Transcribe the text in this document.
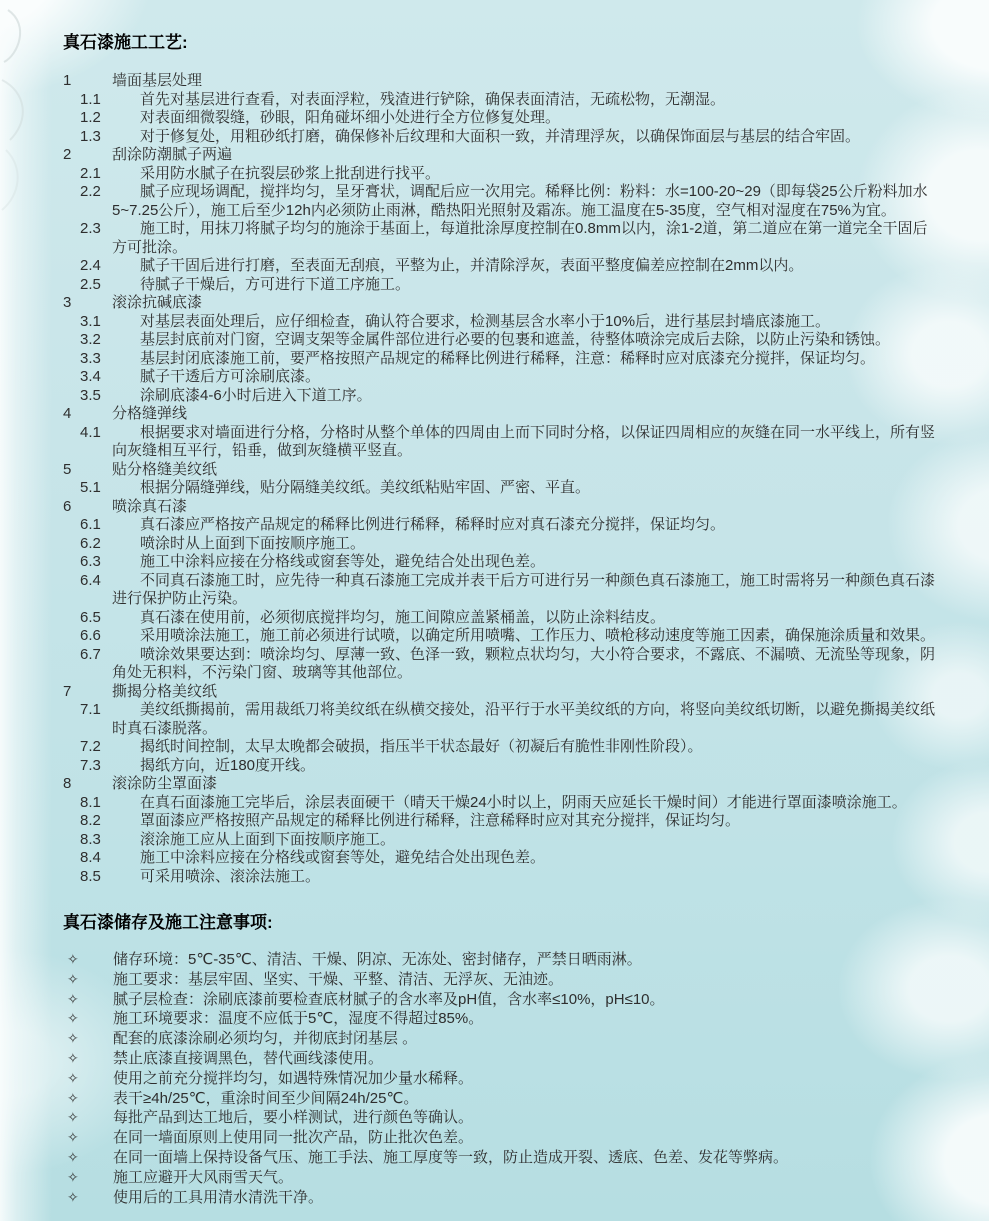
真石漆施工工艺:
1	墙面基层处理
1.1	首先对基层进行查看，对表面浮粒，残渣进行铲除，确保表面清洁，无疏松物，无潮湿。
1.2	对表面细微裂缝，砂眼，阳角碰坏细小处进行全方位修复处理。
1.3	对于修复处，用粗砂纸打磨，确保修补后纹理和大面积一致，并清理浮灰，以确保饰面层与基层的结合牢固。
2	刮涂防潮腻子两遍
2.1	采用防水腻子在抗裂层砂浆上批刮进行找平。
2.2	腻子应现场调配，搅拌均匀，呈牙膏状，调配后应一次用完。稀释比例：粉料：水=100-20~29（即每袋25公斤粉料加水5~7.25公斤），施工后至少12h内必须防止雨淋，酷热阳光照射及霜冻。施工温度在5-35度，空气相对湿度在75%为宜。
2.3	施工时，用抹刀将腻子均匀的施涂于基面上，每道批涂厚度控制在0.8mm以内，涂1-2道，第二道应在第一道完全干固后方可批涂。
2.4	腻子干固后进行打磨，至表面无刮痕，平整为止，并清除浮灰，表面平整度偏差应控制在2mm以内。
2.5	待腻子干燥后，方可进行下道工序施工。
3	滚涂抗碱底漆
3.1	对基层表面处理后，应仔细检查，确认符合要求，检测基层含水率小于10%后，进行基层封墙底漆施工。
3.2	基层封底前对门窗，空调支架等金属件部位进行必要的包裹和遮盖，待整体喷涂完成后去除，以防止污染和锈蚀。
3.3	基层封闭底漆施工前，要严格按照产品规定的稀释比例进行稀释，注意：稀释时应对底漆充分搅拌，保证均匀。
3.4	腻子干透后方可涂刷底漆。
3.5	涂刷底漆4-6小时后进入下道工序。
4	分格缝弹线
4.1	根据要求对墙面进行分格，分格时从整个单体的四周由上而下同时分格，以保证四周相应的灰缝在同一水平线上，所有竖向灰缝相互平行，铅垂，做到灰缝横平竖直。
5	贴分格缝美纹纸
5.1	根据分隔缝弹线，贴分隔缝美纹纸。美纹纸粘贴牢固、严密、平直。
6	喷涂真石漆
6.1	真石漆应严格按产品规定的稀释比例进行稀释，稀释时应对真石漆充分搅拌，保证均匀。
6.2	喷涂时从上面到下面按顺序施工。
6.3	施工中涂料应接在分格线或窗套等处，避免结合处出现色差。
6.4	不同真石漆施工时，应先待一种真石漆施工完成并表干后方可进行另一种颜色真石漆施工，施工时需将另一种颜色真石漆进行保护防止污染。
6.5	真石漆在使用前，必须彻底搅拌均匀，施工间隙应盖紧桶盖，以防止涂料结皮。
6.6	采用喷涂法施工，施工前必须进行试喷，以确定所用喷嘴、工作压力、喷枪移动速度等施工因素，确保施涂质量和效果。
6.7	喷涂效果要达到：喷涂均匀、厚薄一致、色泽一致，颗粒点状均匀，大小符合要求，不露底、不漏喷、无流坠等现象，阴角处无积料，不污染门窗、玻璃等其他部位。
7	撕揭分格美纹纸
7.1	美纹纸撕揭前，需用裁纸刀将美纹纸在纵横交接处，沿平行于水平美纹纸的方向，将竖向美纹纸切断，以避免撕揭美纹纸时真石漆脱落。
7.2	揭纸时间控制，太早太晚都会破损，指压半干状态最好（初凝后有脆性非刚性阶段）。
7.3	揭纸方向，近180度开线。
8	滚涂防尘罩面漆
8.1	在真石面漆施工完毕后，涂层表面硬干（晴天干燥24小时以上，阴雨天应延长干燥时间）才能进行罩面漆喷涂施工。
8.2	罩面漆应严格按照产品规定的稀释比例进行稀释，注意稀释时应对其充分搅拌，保证均匀。
8.3	滚涂施工应从上面到下面按顺序施工。
8.4	施工中涂料应接在分格线或窗套等处，避免结合处出现色差。
8.5	可采用喷涂、滚涂法施工。
真石漆储存及施工注意事项:
✧ 储存环境：5℃-35℃、清洁、干燥、阴凉、无冻处、密封储存，严禁日晒雨淋。
✧ 施工要求：基层牢固、坚实、干燥、平整、清洁、无浮灰、无油迹。
✧ 腻子层检查：涂刷底漆前要检查底材腻子的含水率及pH值，含水率≤10%，pH≤10。
✧ 施工环境要求：温度不应低于5℃，湿度不得超过85%。
✧ 配套的底漆涂刷必须均匀，并彻底封闭基层 。
✧ 禁止底漆直接调黑色，替代画线漆使用。
✧ 使用之前充分搅拌均匀，如遇特殊情况加少量水稀释。
✧ 表干≥4h/25℃，重涂时间至少间隔24h/25℃。
✧ 每批产品到达工地后，要小样测试，进行颜色等确认。
✧ 在同一墙面原则上使用同一批次产品，防止批次色差。
✧ 在同一面墙上保持设备气压、施工手法、施工厚度等一致，防止造成开裂、透底、色差、发花等弊病。
✧ 施工应避开大风雨雪天气。
✧ 使用后的工具用清水清洗干净。
